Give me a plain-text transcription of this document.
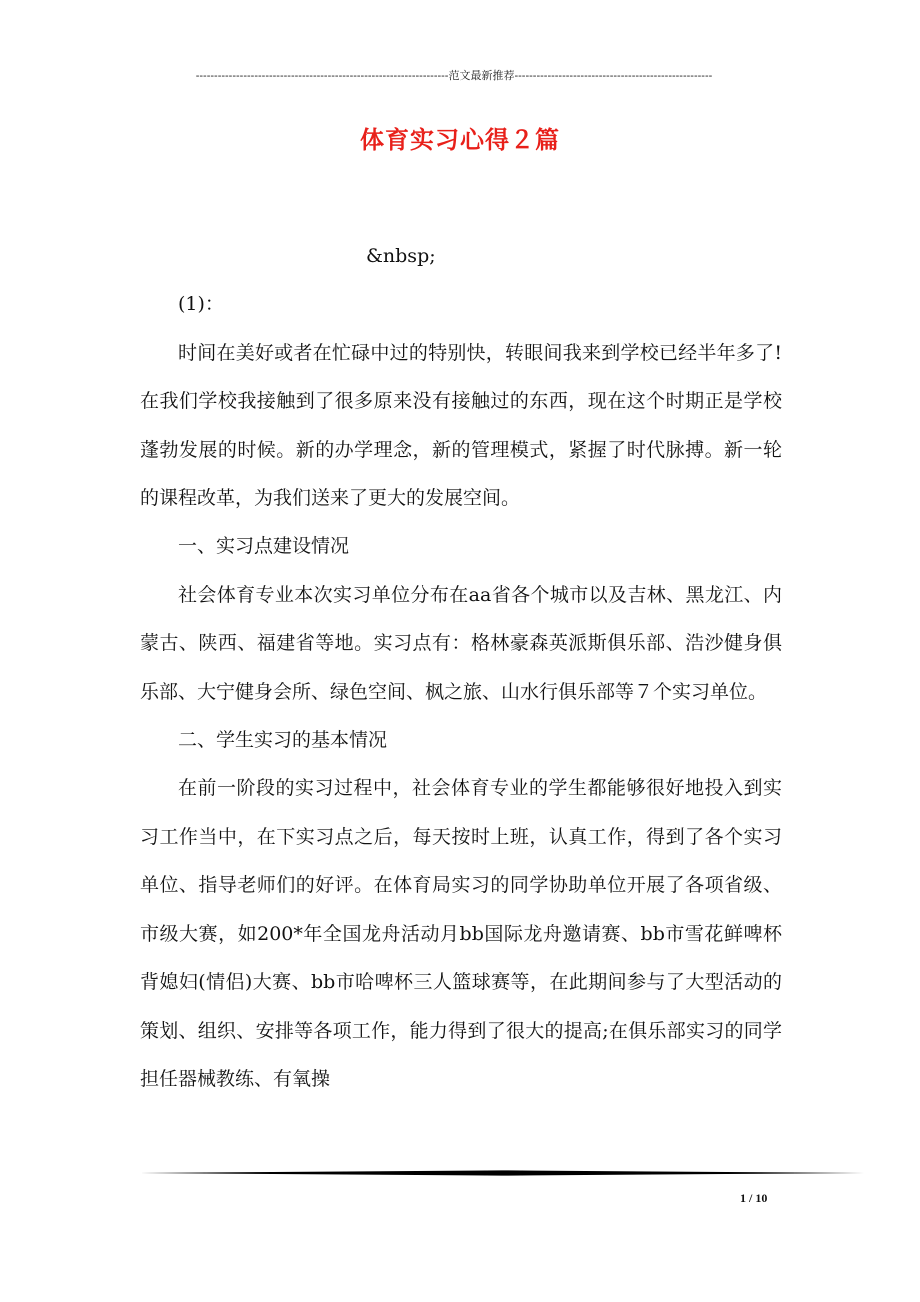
---------------------------------------------------------------------范文最新推荐------------------------------------------------------
体育实习心得２篇

&nbsp;

(1)：

时间在美好或者在忙碌中过的特别快，转眼间我来到学校已经半年多了!在我们学校我接触到了很多原来没有接触过的东西，现在这个时期正是学校蓬勃发展的时候。新的办学理念，新的管理模式，紧握了时代脉搏。新一轮的课程改革，为我们送来了更大的发展空间。

一、实习点建设情况

社会体育专业本次实习单位分布在aa省各个城市以及吉林、黑龙江、内蒙古、陕西、福建省等地。实习点有：格林豪森英派斯俱乐部、浩沙健身俱乐部、大宁健身会所、绿色空间、枫之旅、山水行俱乐部等７个实习单位。

二、学生实习的基本情况

在前一阶段的实习过程中，社会体育专业的学生都能够很好地投入到实习工作当中，在下实习点之后，每天按时上班，认真工作，得到了各个实习单位、指导老师们的好评。在体育局实习的同学协助单位开展了各项省级、市级大赛，如200*年全国龙舟活动月bb国际龙舟邀请赛、bb市雪花鲜啤杯背媳妇(情侣)大赛、bb市哈啤杯三人篮球赛等，在此期间参与了大型活动的策划、组织、安排等各项工作，能力得到了很大的提高;在俱乐部实习的同学担任器械教练、有氧操

1 / 10
